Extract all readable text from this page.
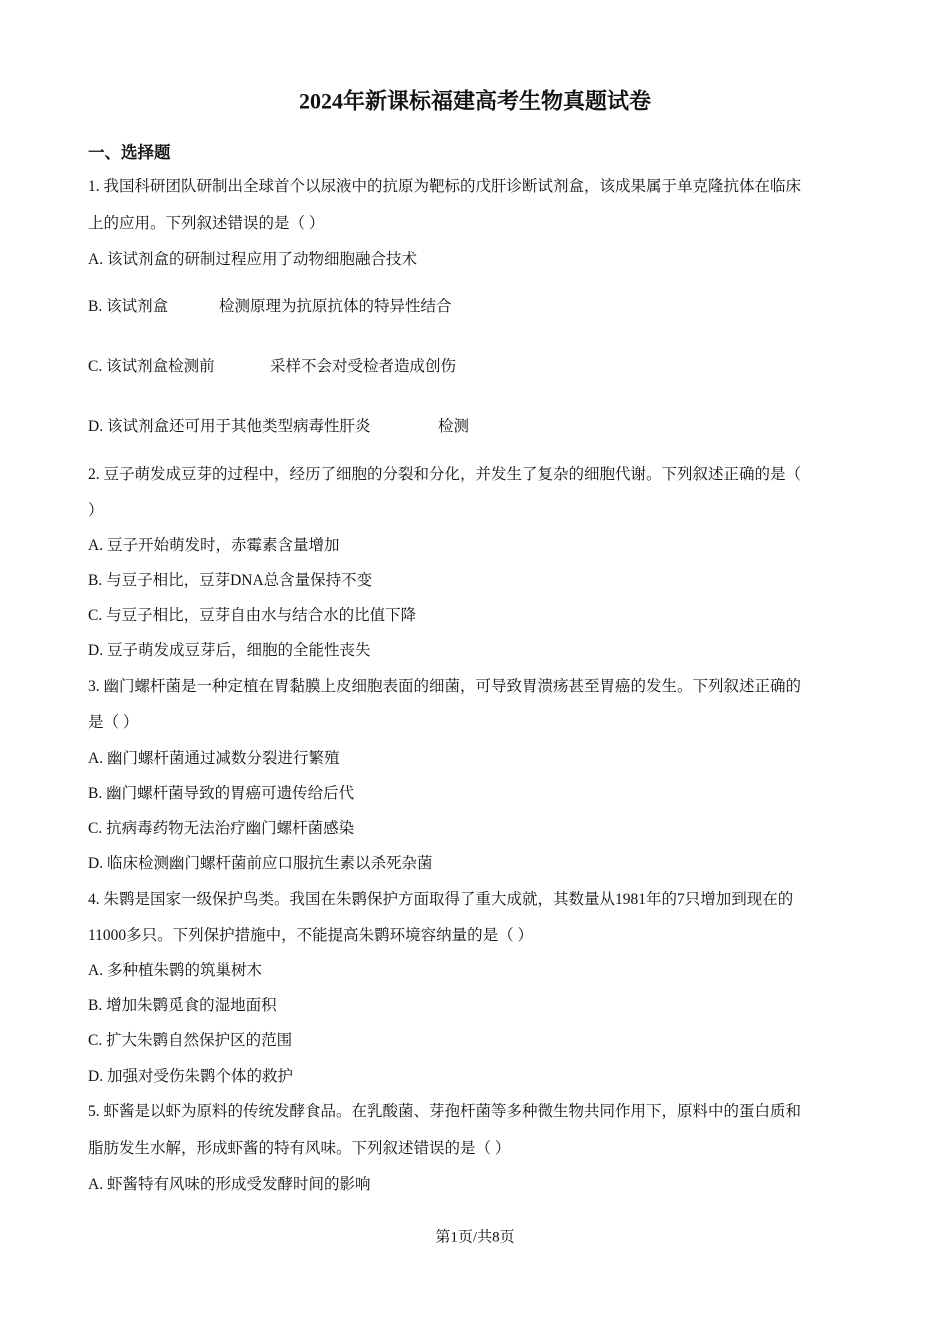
2024年新课标福建高考生物真题试卷
一、选择题
1. 我国科研团队研制出全球首个以尿液中的抗原为靶标的戊肝诊断试剂盒，该成果属于单克隆抗体在临床
上的应用。下列叙述错误的是（ ）
A. 该试剂盒的研制过程应用了动物细胞融合技术
B. 该试剂盒	检测原理为抗原抗体的特异性结合
C. 该试剂盒检测前	采样不会对受检者造成创伤
D. 该试剂盒还可用于其他类型病毒性肝炎	检测
2. 豆子萌发成豆芽的过程中，经历了细胞的分裂和分化，并发生了复杂的细胞代谢。下列叙述正确的是（
）
A. 豆子开始萌发时，赤霉素含量增加
B. 与豆子相比，豆芽DNA总含量保持不变
C. 与豆子相比，豆芽自由水与结合水的比值下降
D. 豆子萌发成豆芽后，细胞的全能性丧失
3. 幽门螺杆菌是一种定植在胃黏膜上皮细胞表面的细菌，可导致胃溃疡甚至胃癌的发生。下列叙述正确的
是（ ）
A. 幽门螺杆菌通过减数分裂进行繁殖
B. 幽门螺杆菌导致的胃癌可遗传给后代
C. 抗病毒药物无法治疗幽门螺杆菌感染
D. 临床检测幽门螺杆菌前应口服抗生素以杀死杂菌
4. 朱鹮是国家一级保护鸟类。我国在朱鹮保护方面取得了重大成就，其数量从1981年的7只增加到现在的
11000多只。下列保护措施中，不能提高朱鹮环境容纳量的是（ ）
A. 多种植朱鹮的筑巢树木
B. 增加朱鹮觅食的湿地面积
C. 扩大朱鹮自然保护区的范围
D. 加强对受伤朱鹮个体的救护
5. 虾酱是以虾为原料的传统发酵食品。在乳酸菌、芽孢杆菌等多种微生物共同作用下，原料中的蛋白质和
脂肪发生水解，形成虾酱的特有风味。下列叙述错误的是（ ）
A. 虾酱特有风味的形成受发酵时间的影响
第1页/共8页
